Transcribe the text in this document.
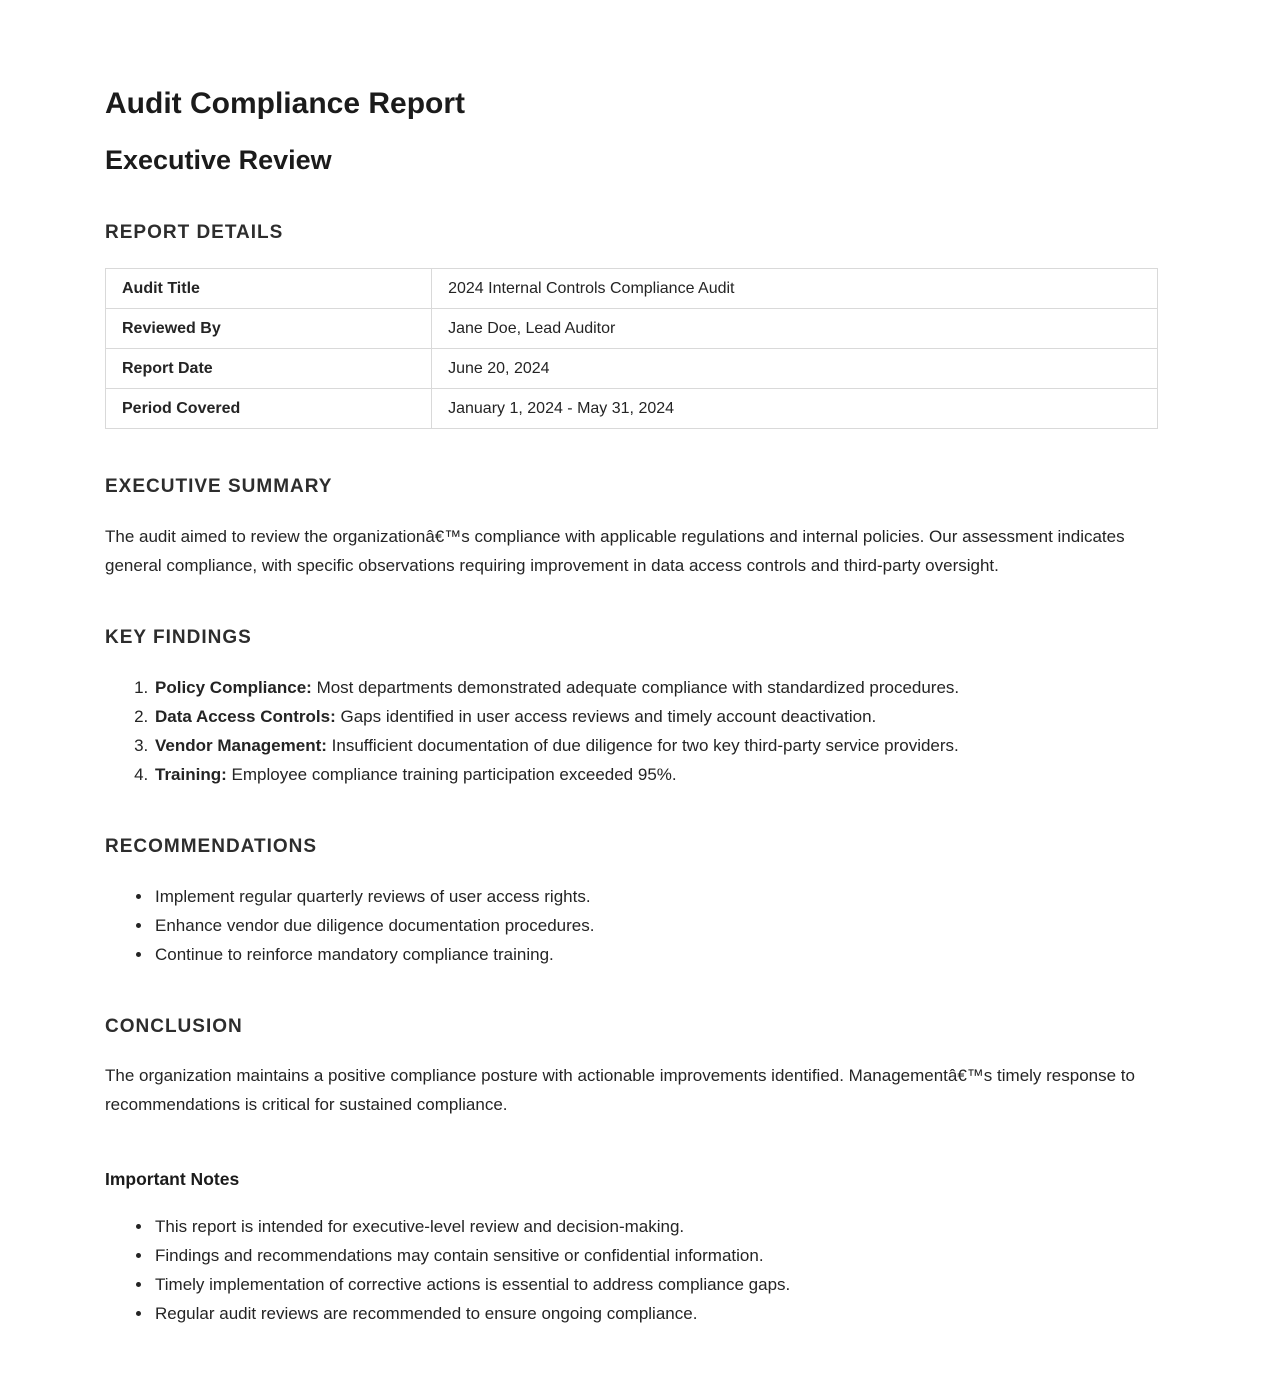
Audit Compliance Report
Executive Review
REPORT DETAILS
Audit Title	2024 Internal Controls Compliance Audit
Reviewed By	Jane Doe, Lead Auditor
Report Date	June 20, 2024
Period Covered	January 1, 2024 - May 31, 2024
EXECUTIVE SUMMARY

The audit aimed to review the organizationâ€™s compliance with applicable regulations and internal policies. Our assessment indicates general compliance, with specific observations requiring improvement in data access controls and third-party oversight.

KEY FINDINGS
1. Policy Compliance: Most departments demonstrated adequate compliance with standardized procedures.
2. Data Access Controls: Gaps identified in user access reviews and timely account deactivation.
3. Vendor Management: Insufficient documentation of due diligence for two key third-party service providers.
4. Training: Employee compliance training participation exceeded 95%.
RECOMMENDATIONS
• Implement regular quarterly reviews of user access rights.
• Enhance vendor due diligence documentation procedures.
• Continue to reinforce mandatory compliance training.
CONCLUSION

The organization maintains a positive compliance posture with actionable improvements identified. Managementâ€™s timely response to recommendations is critical for sustained compliance.

Important Notes
• This report is intended for executive-level review and decision-making.
• Findings and recommendations may contain sensitive or confidential information.
• Timely implementation of corrective actions is essential to address compliance gaps.
• Regular audit reviews are recommended to ensure ongoing compliance.
